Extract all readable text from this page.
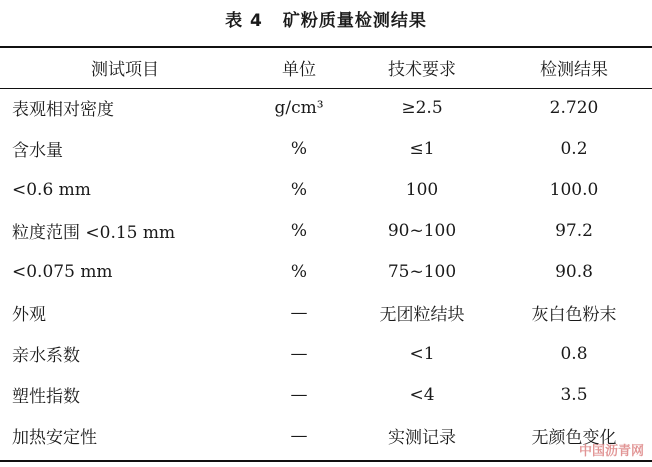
表 4 矿粉质量检测结果
测试项目	单位	技术要求	检测结果
表观相对密度	g/cm³	≥2.5	2.720
含水量	%	≤1	0.2
<0.6 mm	%	100	100.0
粒度范围 <0.15 mm	%	90~100	97.2
<0.075 mm	%	75~100	90.8
外观	—	无团粒结块	灰白色粉末
亲水系数	—	<1	0.8
塑性指数	—	<4	3.5
加热安定性	—	实测记录	无颜色变化
中国沥青网
